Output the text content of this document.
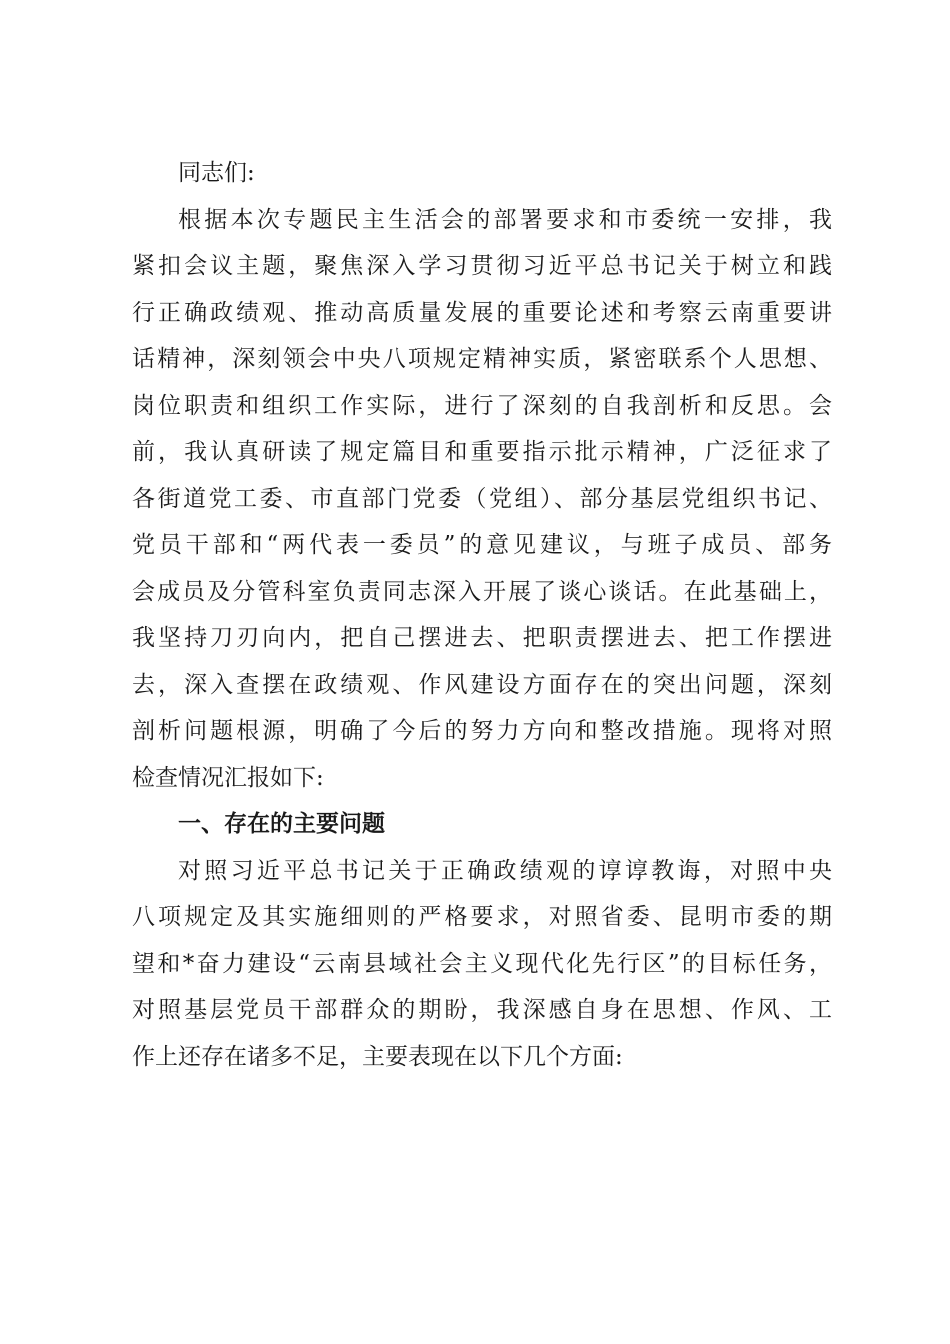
同志们:
根据本次专题民主生活会的部署要求和市委统一安排，我
紧扣会议主题，聚焦深入学习贯彻习近平总书记关于树立和践
行正确政绩观、推动高质量发展的重要论述和考察云南重要讲
话精神，深刻领会中央八项规定精神实质，紧密联系个人思想、
岗位职责和组织工作实际，进行了深刻的自我剖析和反思。会
前，我认真研读了规定篇目和重要指示批示精神，广泛征求了
各街道党工委、市直部门党委（党组）、部分基层党组织书记、
党员干部和“两代表一委员”的意见建议，与班子成员、部务
会成员及分管科室负责同志深入开展了谈心谈话。在此基础上，
我坚持刀刃向内，把自己摆进去、把职责摆进去、把工作摆进
去，深入查摆在政绩观、作风建设方面存在的突出问题，深刻
剖析问题根源，明确了今后的努力方向和整改措施。现将对照
检查情况汇报如下:
一、存在的主要问题
对照习近平总书记关于正确政绩观的谆谆教诲，对照中央
八项规定及其实施细则的严格要求，对照省委、昆明市委的期
望和*奋力建设“云南县域社会主义现代化先行区”的目标任务，
对照基层党员干部群众的期盼，我深感自身在思想、作风、工
作上还存在诸多不足，主要表现在以下几个方面:
